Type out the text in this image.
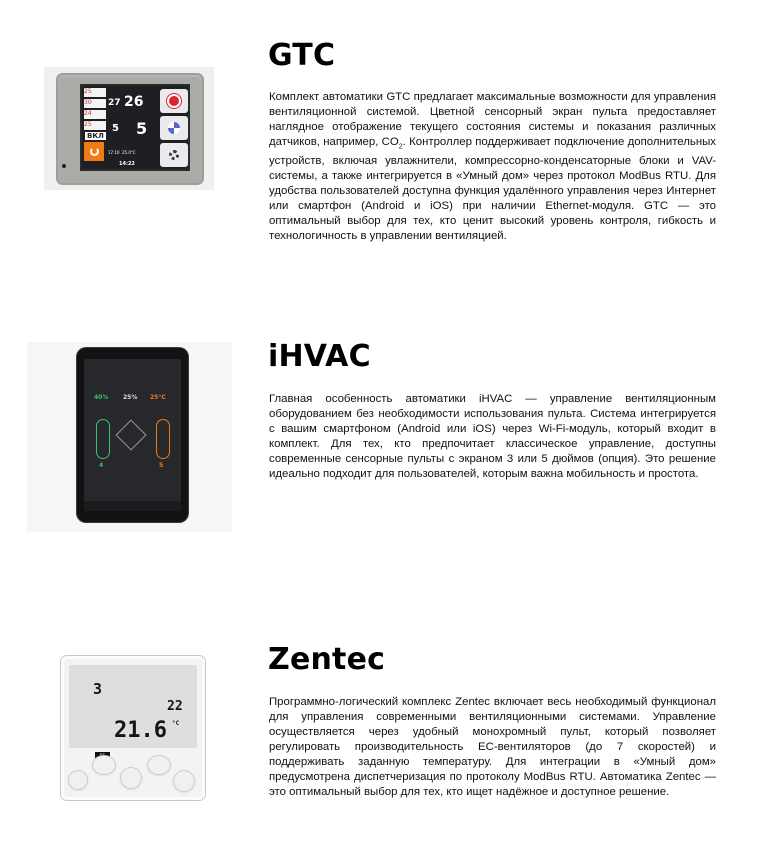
GTC
25
30
24
25
ВКЛ
27 26
5 5
17:10 25.0°C
14:22

Комплект автоматики GTC предлагает максимальные возможности для управления вентиляционной системой. Цветной сенсорный экран пульта предоставляет наглядное отображение текущего состояния системы и показания различных датчиков, например, $CO_2$. Контроллер поддерживает подключение дополнительных устройств, включая увлажнители, компрессорно-конденсаторные блоки и VAV-системы, а также интегрируется в «Умный дом» через протокол ModBus RTU. Для удобства пользователей доступна функция удалённого управления через Интернет или смартфон (Android и iOS) при наличии Ethernet-модуля. GTC — это оптимальный выбор для тех, кто ценит высокий уровень контроля, гибкость и технологичность в управлении вентиляцией.

iHVAC
40% 25% 25°C
4	5

Главная особенность автоматики iHVAC — управление вентиляционным оборудованием без необходимости использования пульта. Система интегрируется с вашим смартфоном (Android или iOS) через Wi-Fi-модуль, который входит в комплект. Для тех, кто предпочитает классическое управление, доступны современные сенсорные пульты с экраном 3 или 5 дюймов (опция). Это решение идеально подходит для пользователей, которым важна мобильность и простота.

Zentec
3
22
21.6 °C

Программно-логический комплекс Zentec включает весь необходимый функционал для управления современными вентиляционными системами. Управление осуществляется через удобный монохромный пульт, который позволяет регулировать производительность EC-вентиляторов (до 7 скоростей) и поддерживать заданную температуру. Для интеграции в «Умный дом» предусмотрена диспетчеризация по протоколу ModBus RTU. Автоматика Zentec — это оптимальный выбор для тех, кто ищет надёжное и доступное решение.
